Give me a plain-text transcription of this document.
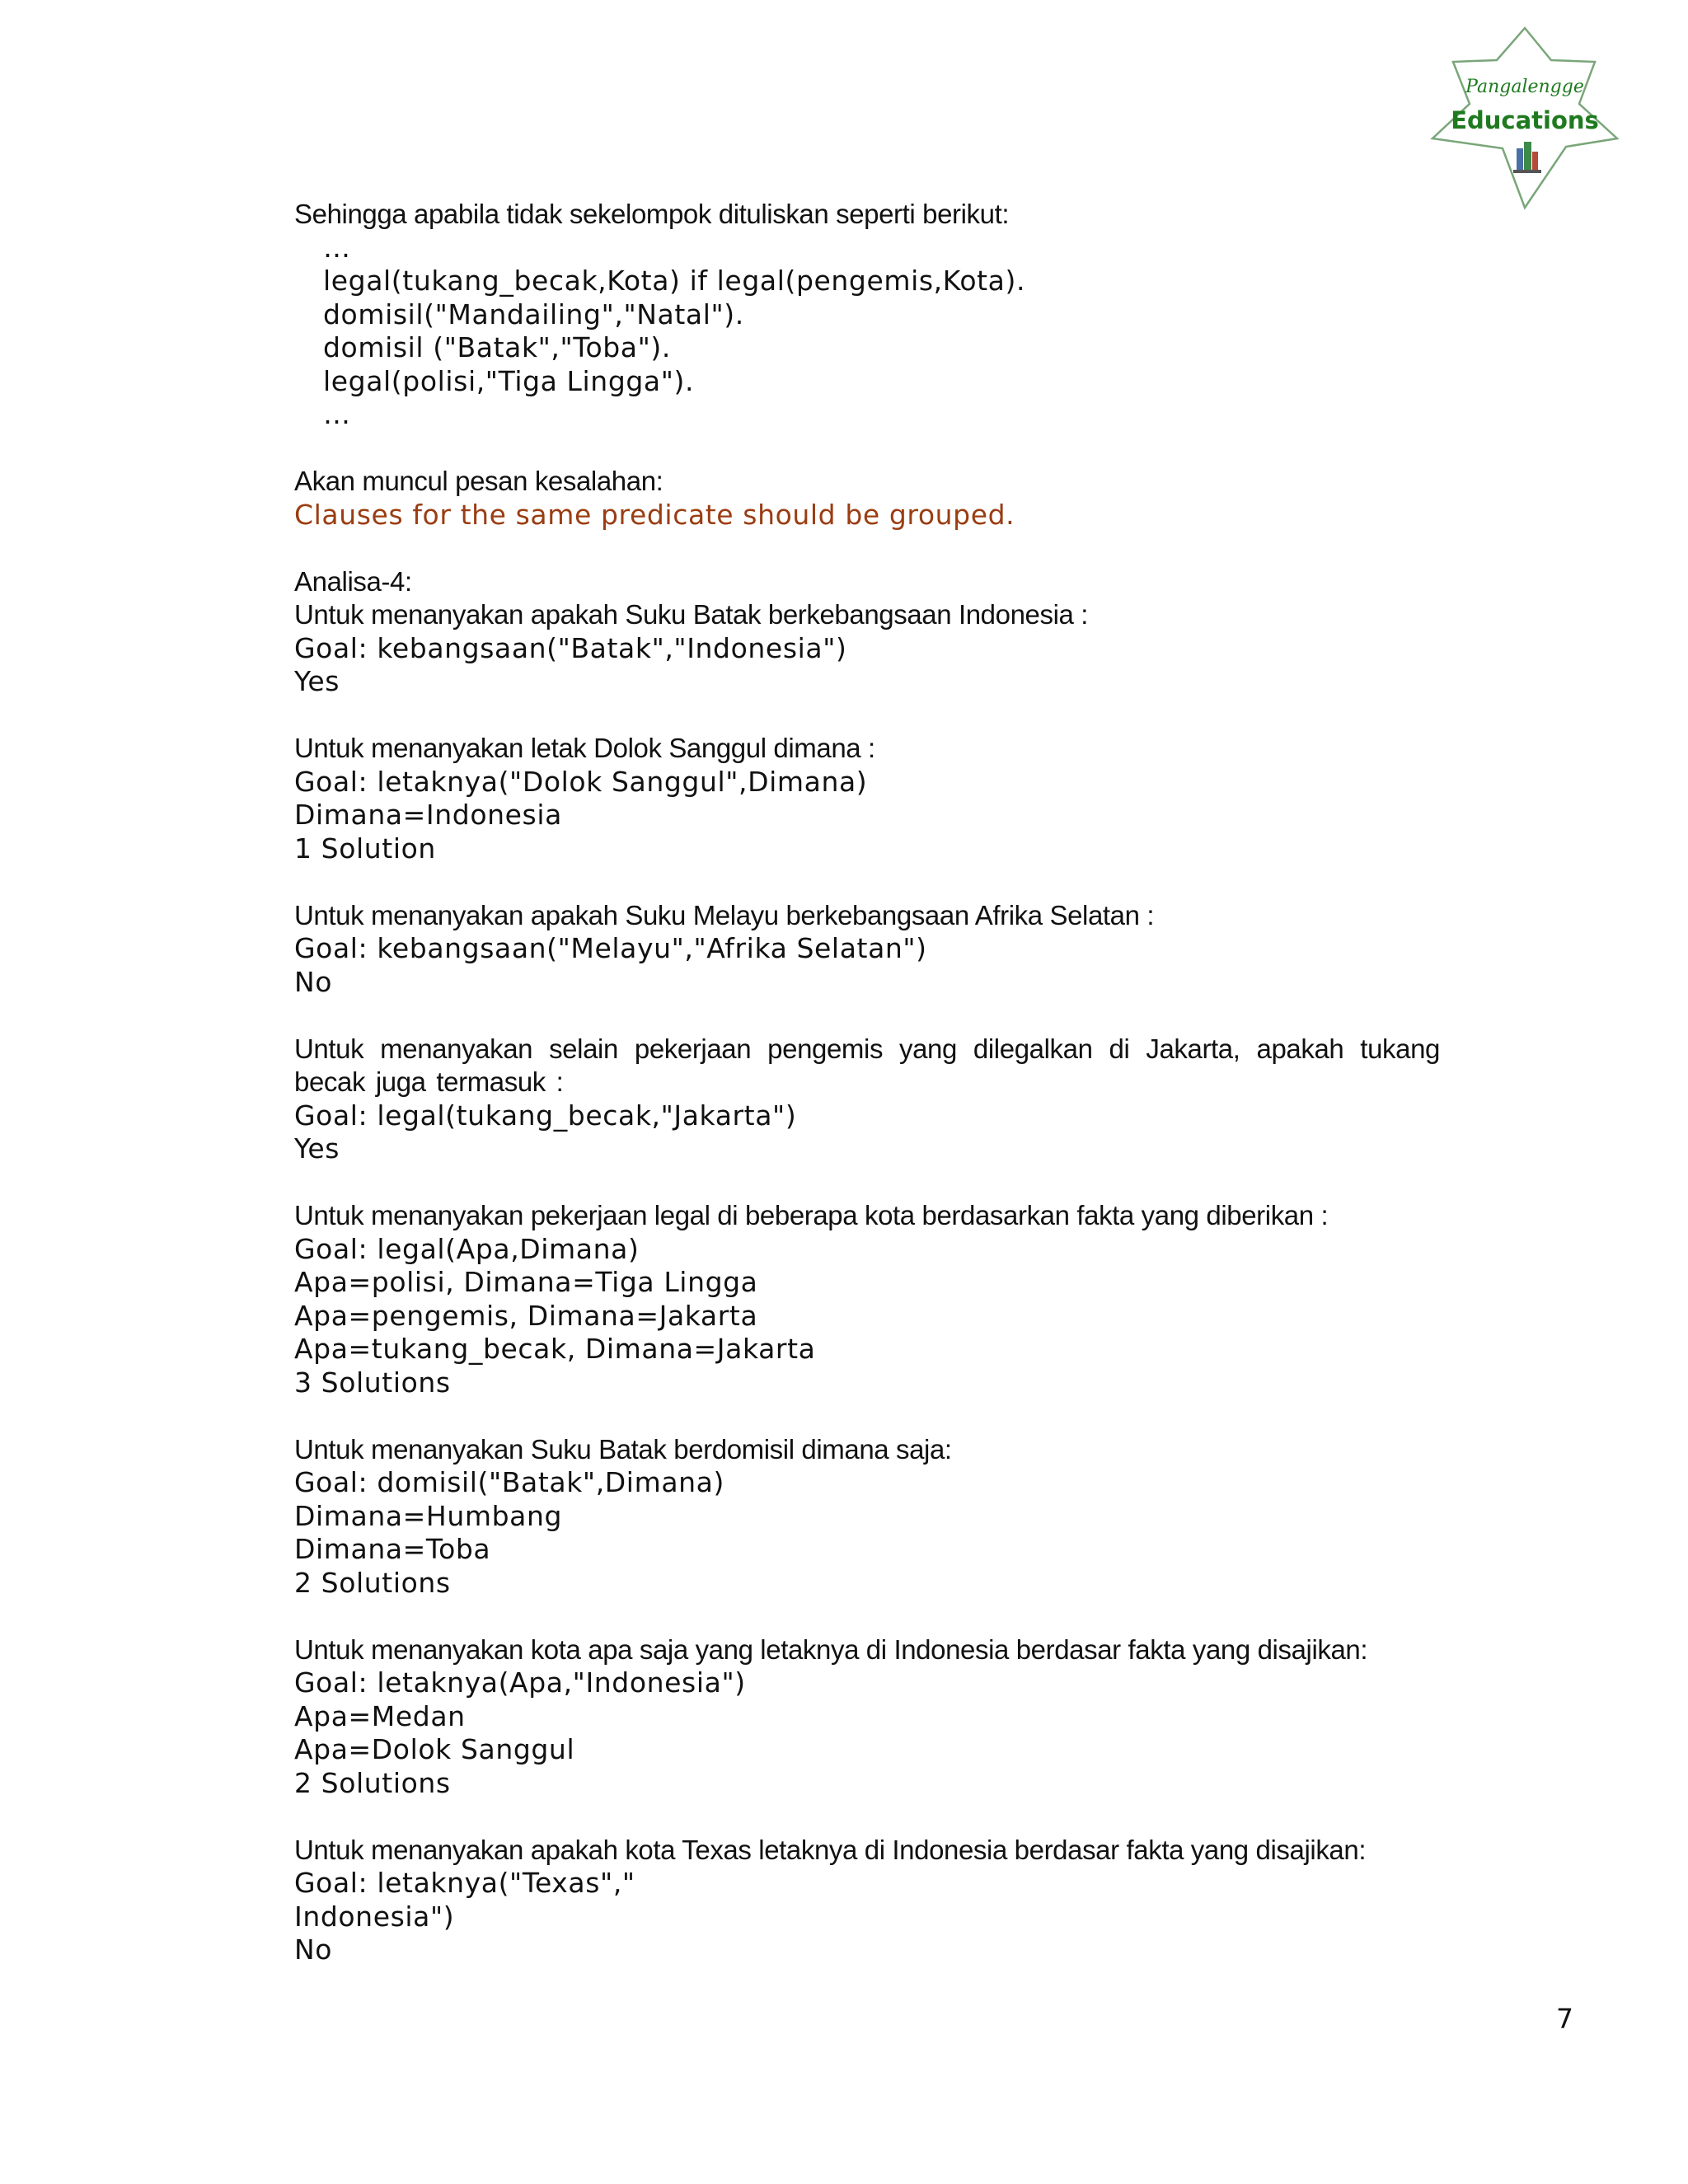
Pangalengge
Educations
Sehingga apabila tidak sekelompok dituliskan seperti berikut:
…
legal(tukang_becak,Kota) if legal(pengemis,Kota).
domisil("Mandailing","Natal").
domisil ("Batak","Toba").
legal(polisi,"Tiga Lingga").
…
Akan muncul pesan kesalahan:
Clauses for the same predicate should be grouped.
Analisa-4:
Untuk menanyakan apakah Suku Batak berkebangsaan Indonesia :
Goal: kebangsaan("Batak","Indonesia")
Yes
Untuk menanyakan letak Dolok Sanggul dimana :
Goal: letaknya("Dolok Sanggul",Dimana)
Dimana=Indonesia
1 Solution
Untuk menanyakan apakah Suku Melayu berkebangsaan Afrika Selatan :
Goal: kebangsaan("Melayu","Afrika Selatan")
No
Untuk menanyakan selain pekerjaan pengemis yang dilegalkan di Jakarta, apakah tukang becak juga termasuk :
Goal: legal(tukang_becak,"Jakarta")
Yes
Untuk menanyakan pekerjaan legal di beberapa kota berdasarkan fakta yang diberikan :
Goal: legal(Apa,Dimana)
Apa=polisi, Dimana=Tiga Lingga
Apa=pengemis, Dimana=Jakarta
Apa=tukang_becak, Dimana=Jakarta
3 Solutions
Untuk menanyakan Suku Batak berdomisil dimana saja:
Goal: domisil("Batak",Dimana)
Dimana=Humbang
Dimana=Toba
2 Solutions
Untuk menanyakan kota apa saja yang letaknya di Indonesia berdasar fakta yang disajikan:
Goal: letaknya(Apa,"Indonesia")
Apa=Medan
Apa=Dolok Sanggul
2 Solutions
Untuk menanyakan apakah kota Texas letaknya di Indonesia berdasar fakta yang disajikan:
Goal: letaknya("Texas","
Indonesia")
No
7
